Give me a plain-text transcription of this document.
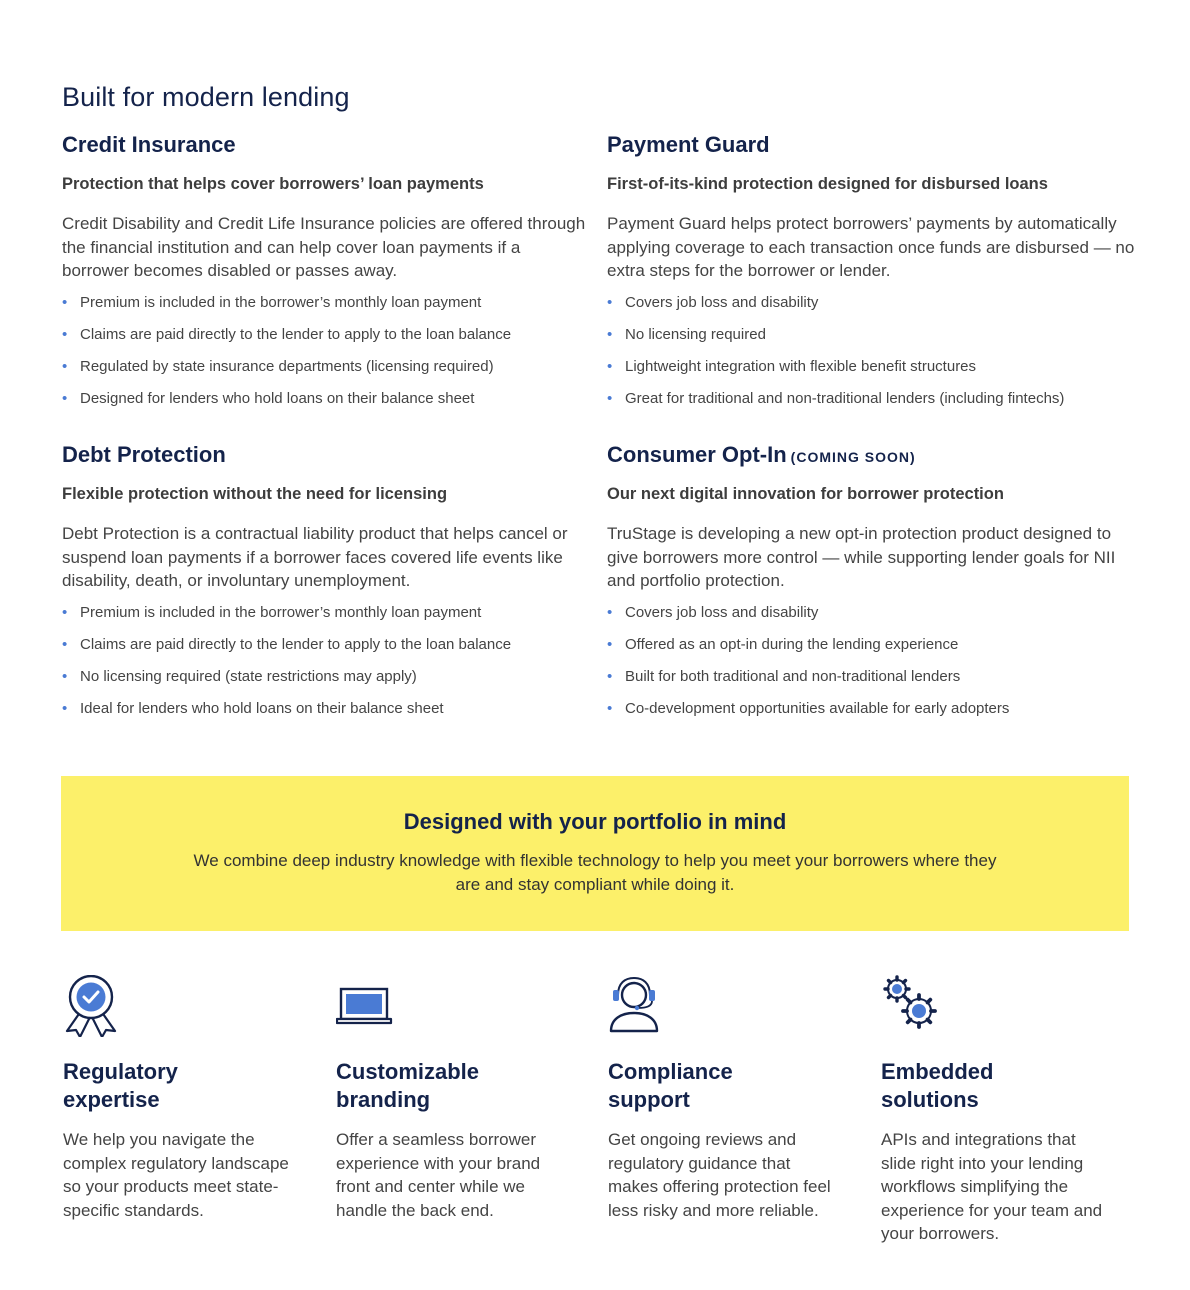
Built for modern lending
Credit Insurance
Protection that helps cover borrowers’ loan payments

Credit Disability and Credit Life Insurance policies are offered through the financial institution and can help cover loan payments if a borrower becomes disabled or passes away.

• Premium is included in the borrower’s monthly loan payment
• Claims are paid directly to the lender to apply to the loan balance
• Regulated by state insurance departments (licensing required)
• Designed for lenders who hold loans on their balance sheet
Payment Guard
First-of-its-kind protection designed for disbursed loans

Payment Guard helps protect borrowers’ payments by automatically applying coverage to each transaction once funds are disbursed — no extra steps for the borrower or lender.

• Covers job loss and disability
• No licensing required
• Lightweight integration with flexible benefit structures
• Great for traditional and non-traditional lenders (including fintechs)
Debt Protection
Flexible protection without the need for licensing

Debt Protection is a contractual liability product that helps cancel or suspend loan payments if a borrower faces covered life events like disability, death, or involuntary unemployment.

• Premium is included in the borrower’s monthly loan payment
• Claims are paid directly to the lender to apply to the loan balance
• No licensing required (state restrictions may apply)
• Ideal for lenders who hold loans on their balance sheet
Consumer Opt-In (COMING SOON)
Our next digital innovation for borrower protection

TruStage is developing a new opt-in protection product designed to give borrowers more control — while supporting lender goals for NII and portfolio protection.

• Covers job loss and disability
• Offered as an opt-in during the lending experience
• Built for both traditional and non-traditional lenders
• Co-development opportunities available for early adopters
Designed with your portfolio in mind

We combine deep industry knowledge with flexible technology to help you meet your borrowers where they are and stay compliant while doing it.

Regulatory expertise

We help you navigate the complex regulatory landscape so your products meet state-specific standards.

Customizable branding

Offer a seamless borrower experience with your brand front and center while we handle the back end.

Compliance support

Get ongoing reviews and regulatory guidance that makes offering protection feel less risky and more reliable.

Embedded solutions

APIs and integrations that slide right into your lending workflows simplifying the experience for your team and your borrowers.
